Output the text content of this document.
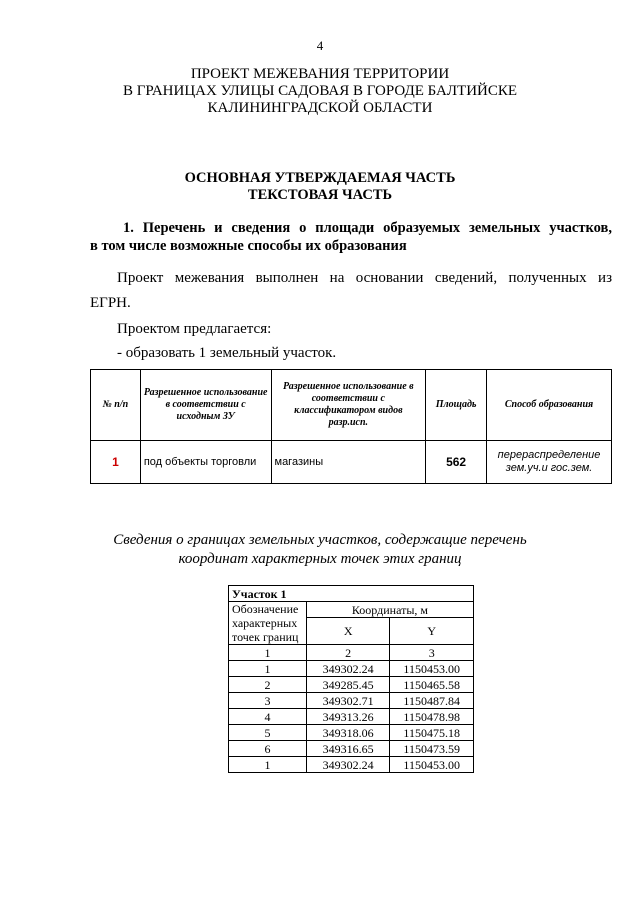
4
ПРОЕКТ МЕЖЕВАНИЯ ТЕРРИТОРИИ
В ГРАНИЦАХ УЛИЦЫ САДОВАЯ В ГОРОДЕ БАЛТИЙСКЕ
КАЛИНИНГРАДСКОЙ ОБЛАСТИ
ОСНОВНАЯ УТВЕРЖДАЕМАЯ ЧАСТЬ
ТЕКСТОВАЯ ЧАСТЬ
1. Перечень и сведения о площади образуемых земельных участков,
в том числе возможные способы их образования
Проект межевания выполнен на основании сведений, полученных из
ЕГРН.
Проектом предлагается:
- образовать 1 земельный участок.
№ п/п	Разрешенное использование в соответствии с исходным ЗУ	Разрешенное использование в соответствии с классификатором видов разр.исп.	Площадь	Способ образования
1	под объекты торговли	магазины	562	перераспределение зем.уч.и гос.зем.
Сведения о границах земельных участков, содержащие перечень
координат характерных точек этих границ
Участок 1		
Обозначение характерных точек границ	Координаты, м	
	X	Y
1	2	3
1	349302.24	1150453.00
2	349285.45	1150465.58
3	349302.71	1150487.84
4	349313.26	1150478.98
5	349318.06	1150475.18
6	349316.65	1150473.59
1	349302.24	1150453.00
